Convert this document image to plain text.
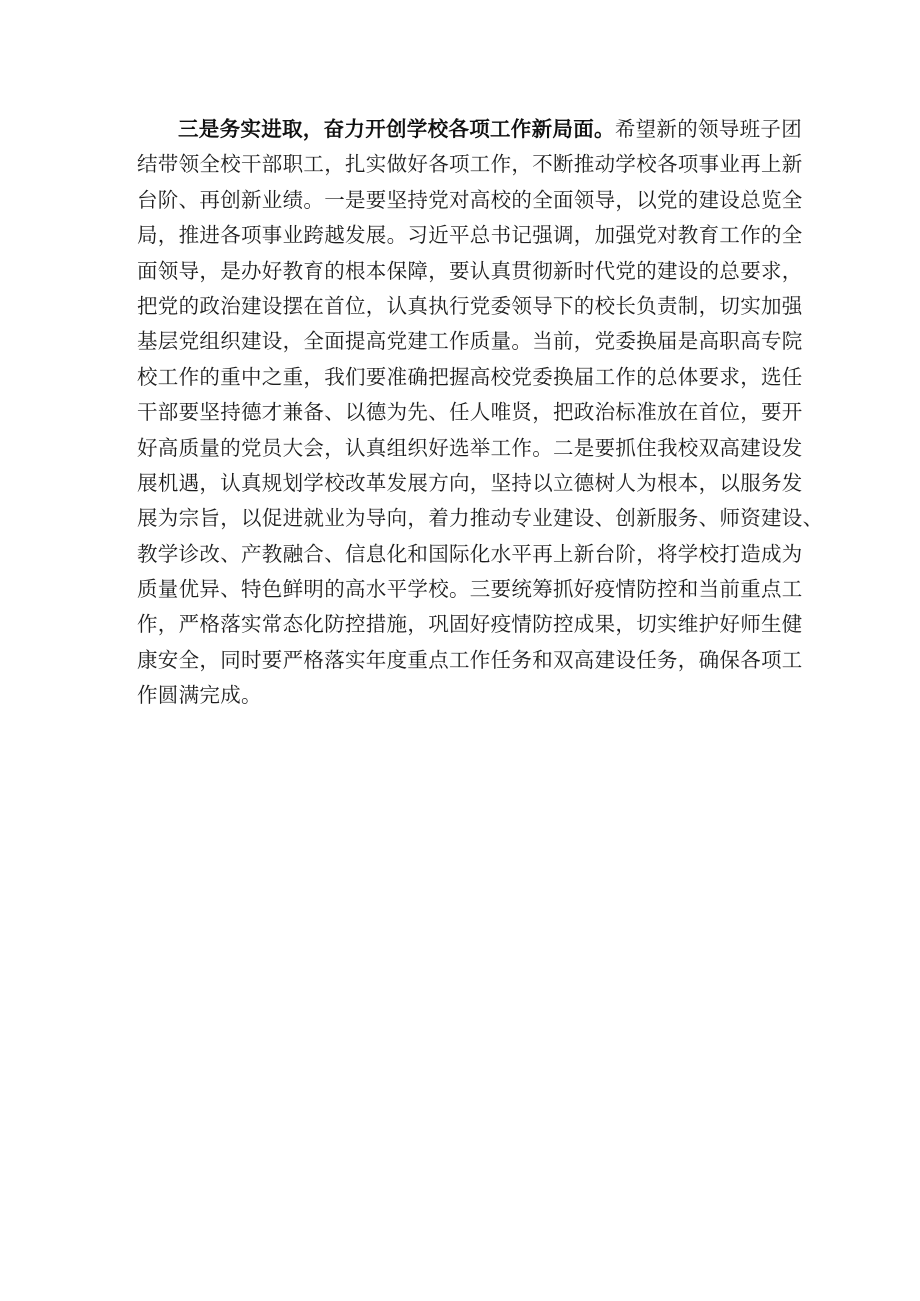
三是务实进取，奋力开创学校各项工作新局面。希望新的领导班子团
结带领全校干部职工，扎实做好各项工作，不断推动学校各项事业再上新
台阶、再创新业绩。一是要坚持党对高校的全面领导，以党的建设总览全
局，推进各项事业跨越发展。习近平总书记强调，加强党对教育工作的全
面领导，是办好教育的根本保障，要认真贯彻新时代党的建设的总要求，
把党的政治建设摆在首位，认真执行党委领导下的校长负责制，切实加强
基层党组织建设，全面提高党建工作质量。当前，党委换届是高职高专院
校工作的重中之重，我们要准确把握高校党委换届工作的总体要求，选任
干部要坚持德才兼备、以德为先、任人唯贤，把政治标准放在首位，要开
好高质量的党员大会，认真组织好选举工作。二是要抓住我校双高建设发
展机遇，认真规划学校改革发展方向，坚持以立德树人为根本，以服务发
展为宗旨，以促进就业为导向，着力推动专业建设、创新服务、师资建设、
教学诊改、产教融合、信息化和国际化水平再上新台阶，将学校打造成为
质量优异、特色鲜明的高水平学校。三要统筹抓好疫情防控和当前重点工
作，严格落实常态化防控措施，巩固好疫情防控成果，切实维护好师生健
康安全，同时要严格落实年度重点工作任务和双高建设任务，确保各项工
作圆满完成。
